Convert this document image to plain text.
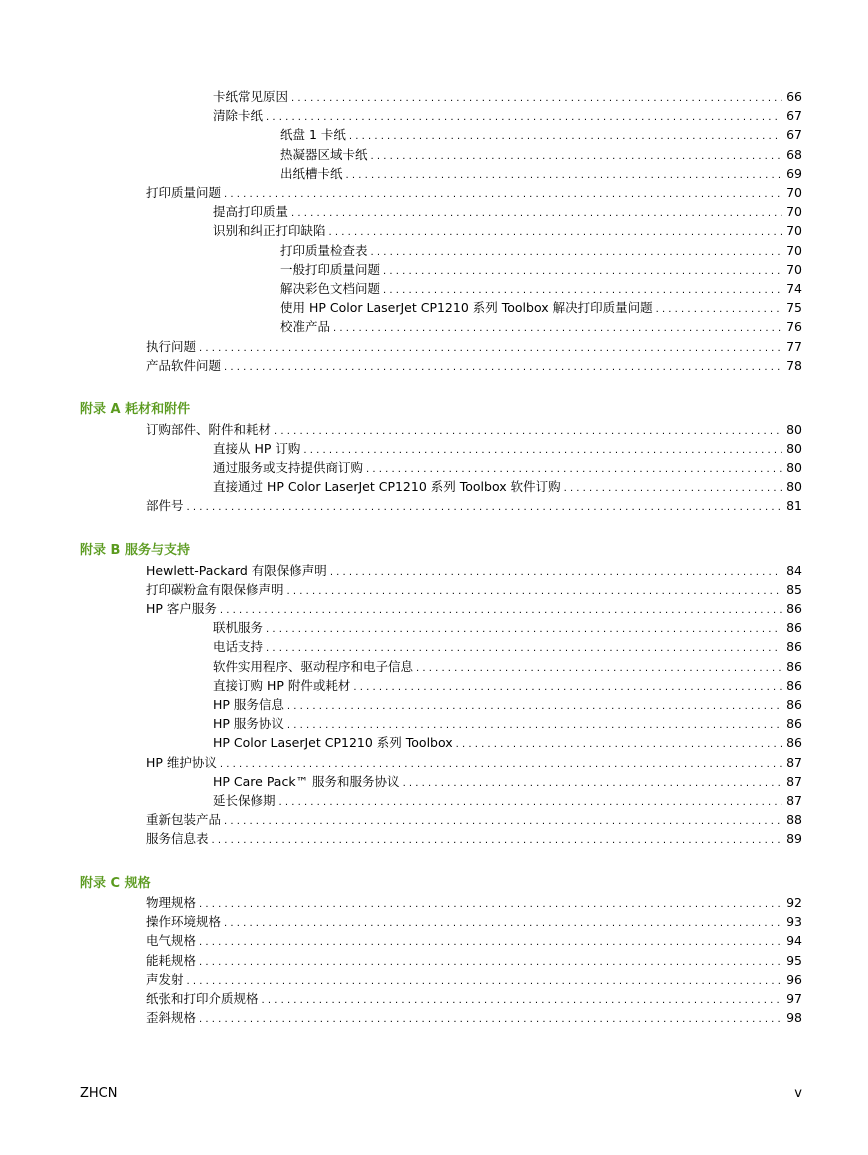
卡纸常见原因 . . .	66
清除卡纸 . . .	67
纸盘 1 卡纸 . . .	67
热凝器区域卡纸 . . .	68
出纸槽卡纸 . . .	69
打印质量问题 . . .	70
提高打印质量 . . .	70
识别和纠正打印缺陷 . . .	70
打印质量检查表 . . .	70
一般打印质量问题 . . .	70
解决彩色文档问题 . . .	74
使用 HP Color LaserJet CP1210 系列 Toolbox 解决打印质量问题 . . .	75
校准产品 . . .	76
执行问题 . . .	77
产品软件问题 . . .	78
附录 A 耗材和附件
订购部件、附件和耗材 . . .	80
直接从 HP 订购 . . .	80
通过服务或支持提供商订购 . . .	80
直接通过 HP Color LaserJet CP1210 系列 Toolbox 软件订购 . . .	80
部件号 . . .	81
附录 B 服务与支持
Hewlett-Packard 有限保修声明 . . .	84
打印碳粉盒有限保修声明 . . .	85
HP 客户服务 . . .	86
联机服务 . . .	86
电话支持 . . .	86
软件实用程序、驱动程序和电子信息 . . .	86
直接订购 HP 附件或耗材 . . .	86
HP 服务信息 . . .	86
HP 服务协议 . . .	86
HP Color LaserJet CP1210 系列 Toolbox . . .	86
HP 维护协议 . . .	87
HP Care Pack™ 服务和服务协议 . . .	87
延长保修期 . . .	87
重新包装产品 . . .	88
服务信息表 . . .	89
附录 C 规格
物理规格 . . .	92
操作环境规格 . . .	93
电气规格 . . .	94
能耗规格 . . .	95
声发射 . . .	96
纸张和打印介质规格 . . .	97
歪斜规格 . . .	98
ZHCN	v
